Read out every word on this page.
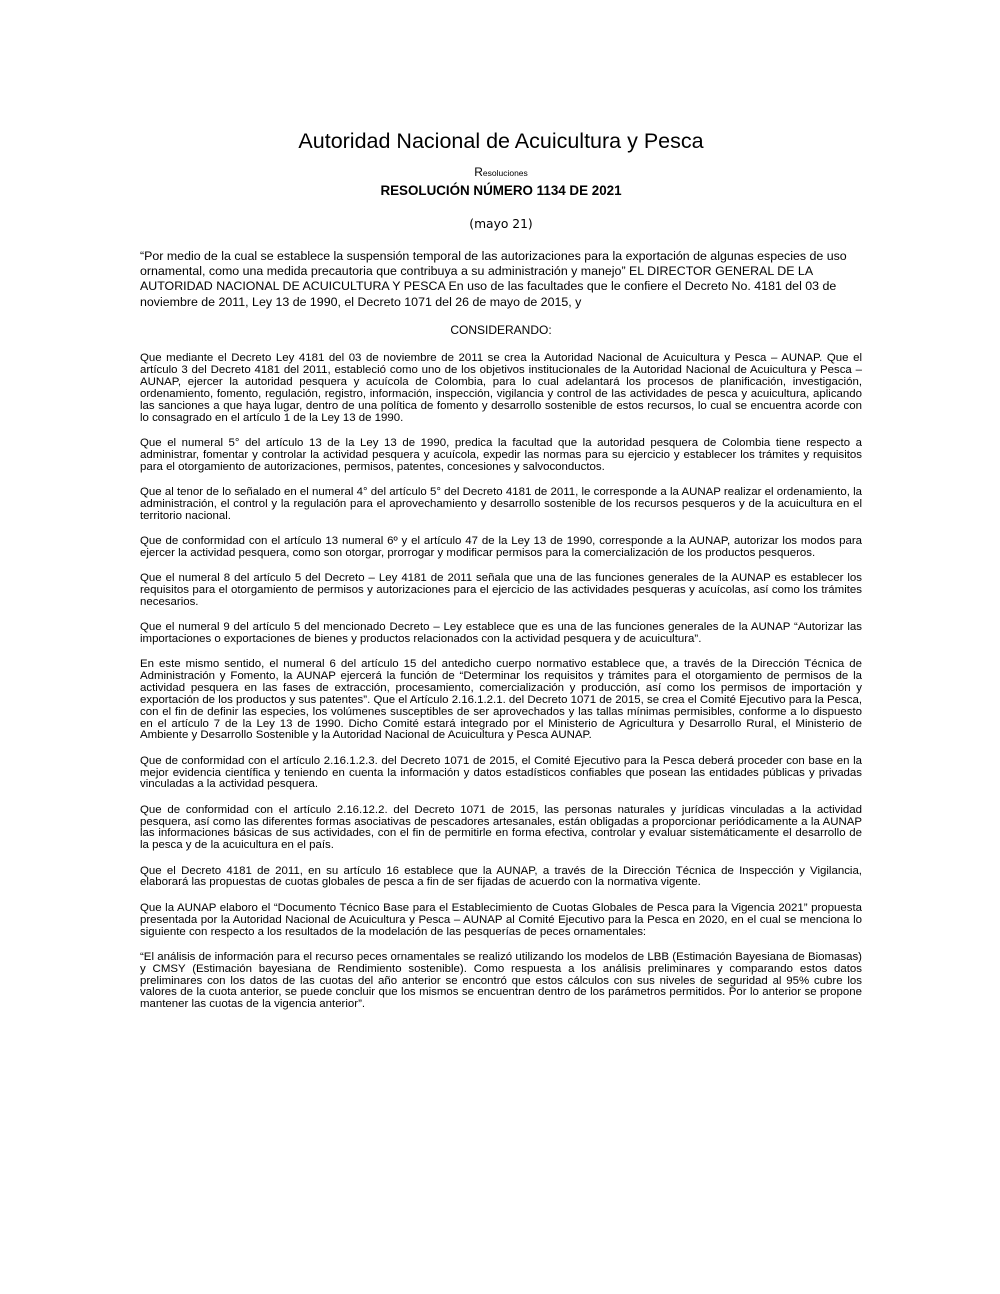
Autoridad Nacional de Acuicultura y Pesca
Resoluciones
RESOLUCIÓN NÚMERO 1134 DE 2021
(mayo 21)
“Por medio de la cual se establece la suspensión temporal de las autorizaciones para la exportación de algunas especies de uso ornamental, como una medida precautoria que contribuya a su administración y manejo” EL DIRECTOR GENERAL DE LA AUTORIDAD NACIONAL DE ACUICULTURA Y PESCA En uso de las facultades que le confiere el Decreto No. 4181 del 03 de noviembre de 2011, Ley 13 de 1990, el Decreto 1071 del 26 de mayo de 2015, y
CONSIDERANDO:

Que mediante el Decreto Ley 4181 del 03 de noviembre de 2011 se crea la Autoridad Nacional de Acuicultura y Pesca – AUNAP. Que el artículo 3 del Decreto 4181 del 2011, estableció como uno de los objetivos institucionales de la Autoridad Nacional de Acuicultura y Pesca – AUNAP, ejercer la autoridad pesquera y acuícola de Colombia, para lo cual adelantará los procesos de planificación, investigación, ordenamiento, fomento, regulación, registro, información, inspección, vigilancia y control de las actividades de pesca y acuicultura, aplicando las sanciones a que haya lugar, dentro de una política de fomento y desarrollo sostenible de estos recursos, lo cual se encuentra acorde con lo consagrado en el artículo 1 de la Ley 13 de 1990.

Que el numeral 5° del artículo 13 de la Ley 13 de 1990, predica la facultad que la autoridad pesquera de Colombia tiene respecto a administrar, fomentar y controlar la actividad pesquera y acuícola, expedir las normas para su ejercicio y establecer los trámites y requisitos para el otorgamiento de autorizaciones, permisos, patentes, concesiones y salvoconductos.

Que al tenor de lo señalado en el numeral 4° del artículo 5° del Decreto 4181 de 2011, le corresponde a la AUNAP realizar el ordenamiento, la administración, el control y la regulación para el aprovechamiento y desarrollo sostenible de los recursos pesqueros y de la acuicultura en el territorio nacional.

Que de conformidad con el artículo 13 numeral 6º y el artículo 47 de la Ley 13 de 1990, corresponde a la AUNAP, autorizar los modos para ejercer la actividad pesquera, como son otorgar, prorrogar y modificar permisos para la comercialización de los productos pesqueros.

Que el numeral 8 del artículo 5 del Decreto – Ley 4181 de 2011 señala que una de las funciones generales de la AUNAP es establecer los requisitos para el otorgamiento de permisos y autorizaciones para el ejercicio de las actividades pesqueras y acuícolas, así como los trámites necesarios.

Que el numeral 9 del artículo 5 del mencionado Decreto – Ley establece que es una de las funciones generales de la AUNAP “Autorizar las importaciones o exportaciones de bienes y productos relacionados con la actividad pesquera y de acuicultura”.

En este mismo sentido, el numeral 6 del artículo 15 del antedicho cuerpo normativo establece que, a través de la Dirección Técnica de Administración y Fomento, la AUNAP ejercerá la función de “Determinar los requisitos y trámites para el otorgamiento de permisos de la actividad pesquera en las fases de extracción, procesamiento, comercialización y producción, así como los permisos de importación y exportación de los productos y sus patentes”. Que el Artículo 2.16.1.2.1. del Decreto 1071 de 2015, se crea el Comité Ejecutivo para la Pesca, con el fin de definir las especies, los volúmenes susceptibles de ser aprovechados y las tallas mínimas permisibles, conforme a lo dispuesto en el artículo 7 de la Ley 13 de 1990. Dicho Comité estará integrado por el Ministerio de Agricultura y Desarrollo Rural, el Ministerio de Ambiente y Desarrollo Sostenible y la Autoridad Nacional de Acuicultura y Pesca AUNAP.

Que de conformidad con el artículo 2.16.1.2.3. del Decreto 1071 de 2015, el Comité Ejecutivo para la Pesca deberá proceder con base en la mejor evidencia científica y teniendo en cuenta la información y datos estadísticos confiables que posean las entidades públicas y privadas vinculadas a la actividad pesquera.

Que de conformidad con el artículo 2.16.12.2. del Decreto 1071 de 2015, las personas naturales y jurídicas vinculadas a la actividad pesquera, así como las diferentes formas asociativas de pescadores artesanales, están obligadas a proporcionar periódicamente a la AUNAP las informaciones básicas de sus actividades, con el fin de permitirle en forma efectiva, controlar y evaluar sistemáticamente el desarrollo de la pesca y de la acuicultura en el país.

Que el Decreto 4181 de 2011, en su artículo 16 establece que la AUNAP, a través de la Dirección Técnica de Inspección y Vigilancia, elaborará las propuestas de cuotas globales de pesca a fin de ser fijadas de acuerdo con la normativa vigente.

Que la AUNAP elaboro el “Documento Técnico Base para el Establecimiento de Cuotas Globales de Pesca para la Vigencia 2021” propuesta presentada por la Autoridad Nacional de Acuicultura y Pesca – AUNAP al Comité Ejecutivo para la Pesca en 2020, en el cual se menciona lo siguiente con respecto a los resultados de la modelación de las pesquerías de peces ornamentales:

“El análisis de información para el recurso peces ornamentales se realizó utilizando los modelos de LBB (Estimación Bayesiana de Biomasas) y CMSY (Estimación bayesiana de Rendimiento sostenible). Como respuesta a los análisis preliminares y comparando estos datos preliminares con los datos de las cuotas del año anterior se encontró que estos cálculos con sus niveles de seguridad al 95% cubre los valores de la cuota anterior, se puede concluir que los mismos se encuentran dentro de los parámetros permitidos. Por lo anterior se propone mantener las cuotas de la vigencia anterior”.
